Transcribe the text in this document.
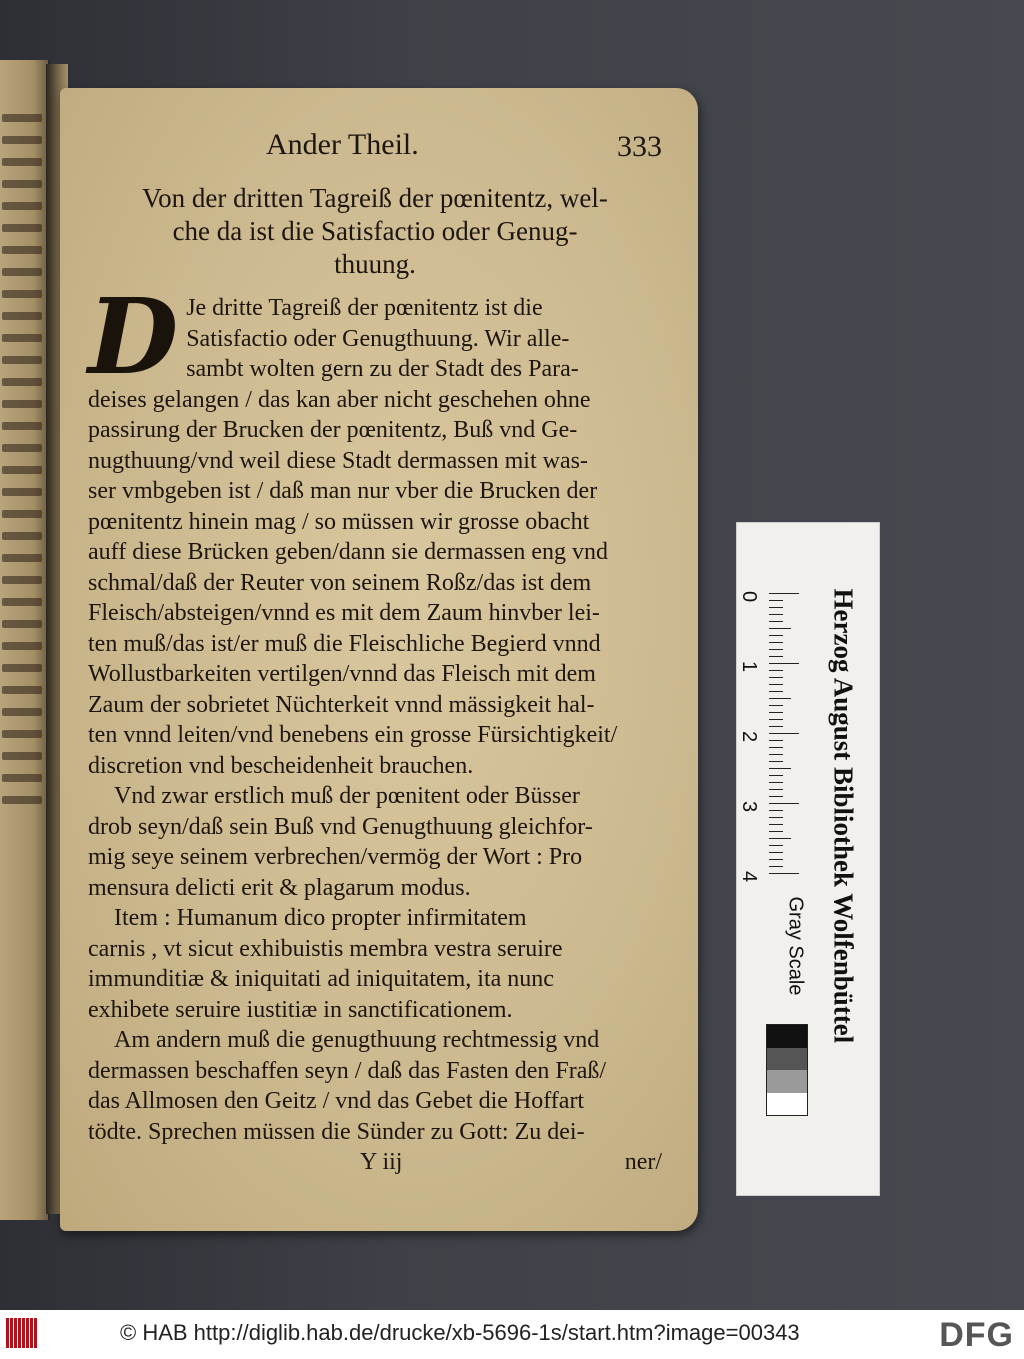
Ander Theil.	333

Von der dritten Tagreiß der pœnitentz, wel-

che da ist die Satisfactio oder Genug-

thuung.

D Je dritte Tagreiß der pœnitentz ist die

Satisfactio oder Genugthuung. Wir alle-

sambt wolten gern zu der Stadt des Para-

deises gelangen / das kan aber nicht geschehen ohne

passirung der Brucken der pœnitentz, Buß vnd Ge-

nugthuung/vnd weil diese Stadt dermassen mit was-

ser vmbgeben ist / daß man nur vber die Brucken der

pœnitentz hinein mag / so müssen wir grosse obacht

auff diese Brücken geben/dann sie dermassen eng vnd

schmal/daß der Reuter von seinem Roßz/das ist dem

Fleisch/absteigen/vnnd es mit dem Zaum hinvber lei-

ten muß/das ist/er muß die Fleischliche Begierd vnnd

Wollustbarkeiten vertilgen/vnnd das Fleisch mit dem

Zaum der sobrietet Nüchterkeit vnnd mässigkeit hal-

ten vnnd leiten/vnd benebens ein grosse Fürsichtigkeit/

discretion vnd bescheidenheit brauchen.

Vnd zwar erstlich muß der pœnitent oder Büsser

drob seyn/daß sein Buß vnd Genugthuung gleichfor-

mig seye seinem verbrechen/vermög der Wort : Pro

mensura delicti erit & plagarum modus.

Item : Humanum dico propter infirmitatem

carnis , vt sicut exhibuistis membra vestra seruire

immunditiæ & iniquitati ad iniquitatem, ita nunc

exhibete seruire iustitiæ in sanctificationem.

Am andern muß die genugthuung rechtmessig vnd

dermassen beschaffen seyn / daß das Fasten den Fraß/

das Allmosen den Geitz / vnd das Gebet die Hoffart

tödte. Sprechen müssen die Sünder zu Gott: Zu dei-

Y iij	ner/
0
1
2
3
4	Herzog August Bibliothek Wolfenbüttel
Gray Scale
© HAB http://diglib.hab.de/drucke/xb-5696-1s/start.htm?image=00343	DFG
